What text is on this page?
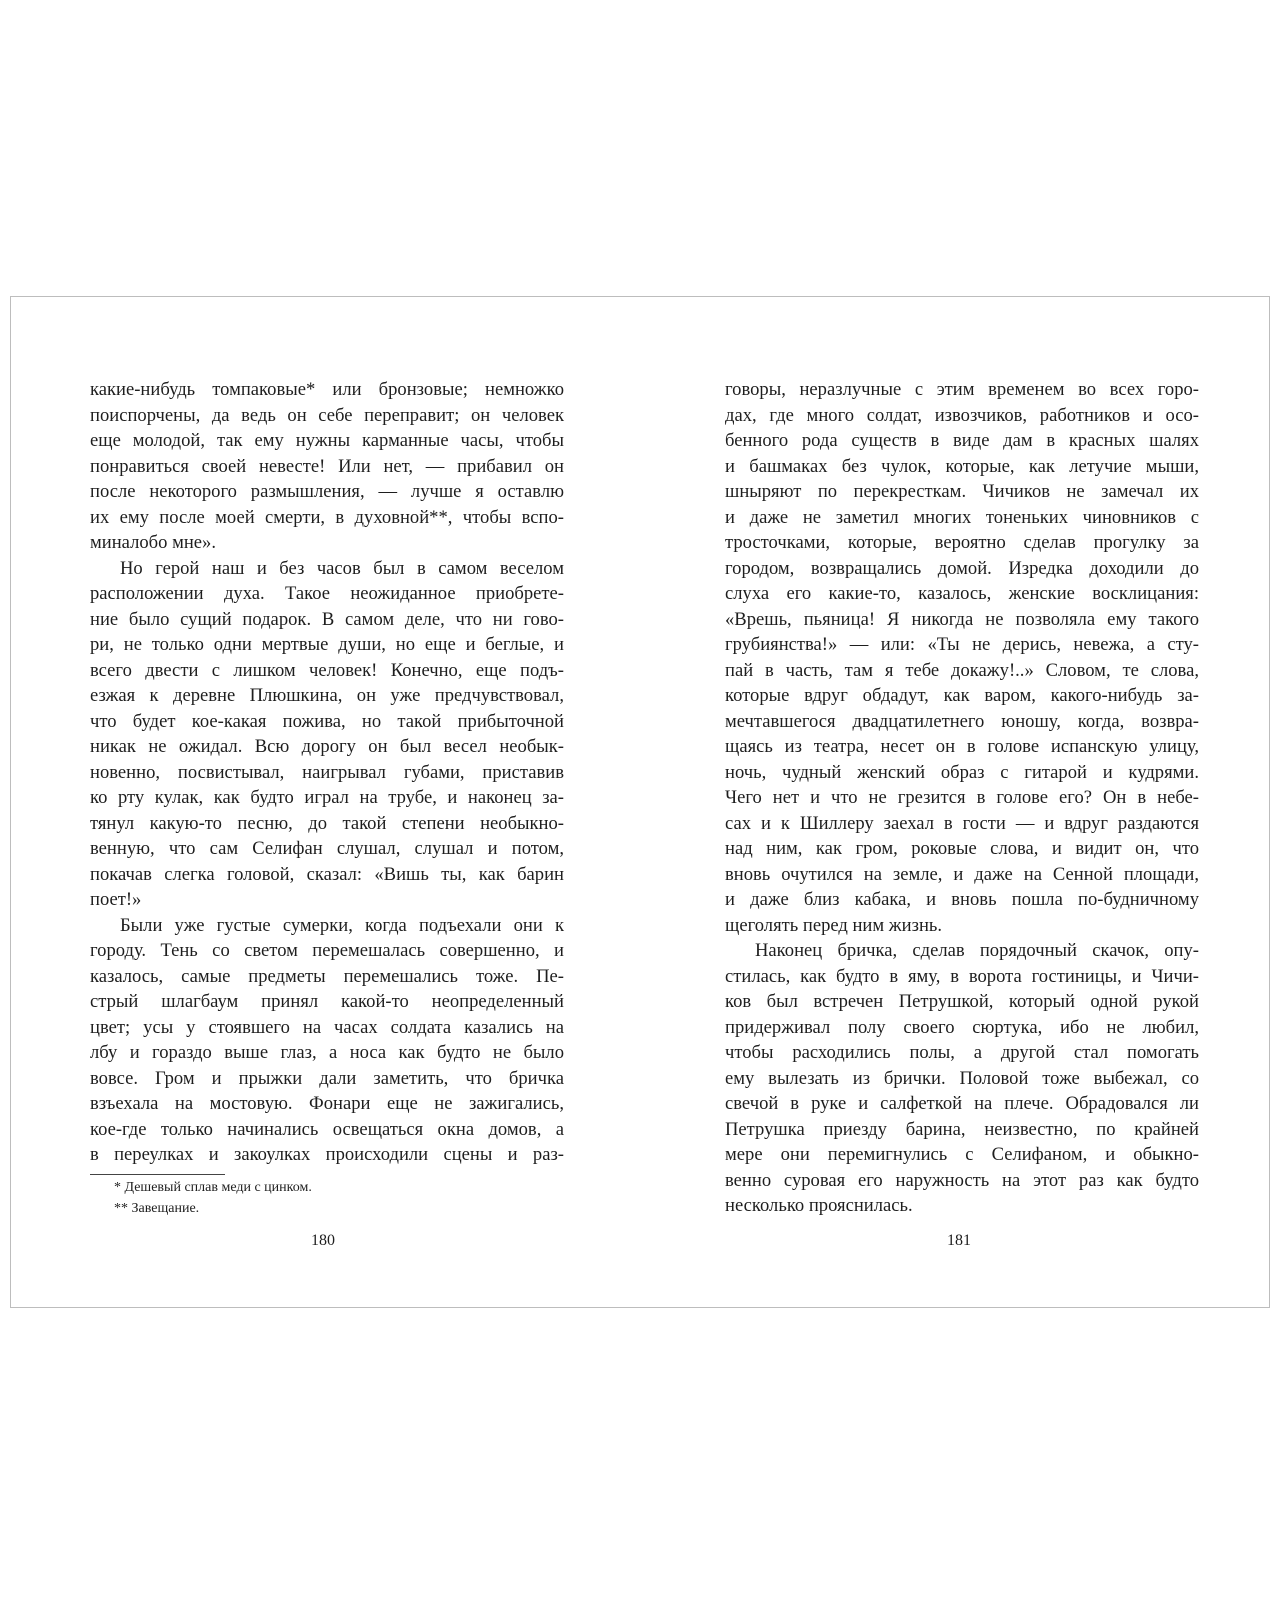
какие-нибудь томпаковые* или бронзовые; немножко
поиспорчены, да ведь он себе переправит; он человек
еще молодой, так ему нужны карманные часы, чтобы
понравиться своей невесте! Или нет, — прибавил он
после некоторого размышления, — лучше я оставлю
их ему после моей смерти, в духовной**, чтобы вспо-
миналобо мне».
Но герой наш и без часов был в самом веселом
расположении духа. Такое неожиданное приобрете-
ние было сущий подарок. В самом деле, что ни гово-
ри, не только одни мертвые души, но еще и беглые, и
всего двести с лишком человек! Конечно, еще подъ-
езжая к деревне Плюшкина, он уже предчувствовал,
что будет кое-какая пожива, но такой прибыточной
никак не ожидал. Всю дорогу он был весел необык-
новенно, посвистывал, наигрывал губами, приставив
ко рту кулак, как будто играл на трубе, и наконец за-
тянул какую-то песню, до такой степени необыкно-
венную, что сам Селифан слушал, слушал и потом,
покачав слегка головой, сказал: «Вишь ты, как барин
поет!»
Были уже густые сумерки, когда подъехали они к
городу. Тень со светом перемешалась совершенно, и
казалось, самые предметы перемешались тоже. Пе-
стрый шлагбаум принял какой-то неопределенный
цвет; усы у стоявшего на часах солдата казались на
лбу и гораздо выше глаз, а носа как будто не было
вовсе. Гром и прыжки дали заметить, что бричка
взъехала на мостовую. Фонари еще не зажигались,
кое-где только начинались освещаться окна домов, а
в переулках и закоулках происходили сцены и раз-
* Дешевый сплав меди с цинком.
** Завещание.
говоры, неразлучные с этим временем во всех горо-
дах, где много солдат, извозчиков, работников и осо-
бенного рода существ в виде дам в красных шалях
и башмаках без чулок, которые, как летучие мыши,
шныряют по перекресткам. Чичиков не замечал их
и даже не заметил многих тоненьких чиновников с
тросточками, которые, вероятно сделав прогулку за
городом, возвращались домой. Изредка доходили до
слуха его какие-то, казалось, женские восклицания:
«Врешь, пьяница! Я никогда не позволяла ему такого
грубиянства!» — или: «Ты не дерись, невежа, а сту-
пай в часть, там я тебе докажу!..» Словом, те слова,
которые вдруг обдадут, как варом, какого-нибудь за-
мечтавшегося двадцатилетнего юношу, когда, возвра-
щаясь из театра, несет он в голове испанскую улицу,
ночь, чудный женский образ с гитарой и кудрями.
Чего нет и что не грезится в голове его? Он в небе-
сах и к Шиллеру заехал в гости — и вдруг раздаются
над ним, как гром, роковые слова, и видит он, что
вновь очутился на земле, и даже на Сенной площади,
и даже близ кабака, и вновь пошла по-будничному
щеголять перед ним жизнь.
Наконец бричка, сделав порядочный скачок, опу-
стилась, как будто в яму, в ворота гостиницы, и Чичи-
ков был встречен Петрушкой, который одной рукой
придерживал полу своего сюртука, ибо не любил,
чтобы расходились полы, а другой стал помогать
ему вылезать из брички. Половой тоже выбежал, со
свечой в руке и салфеткой на плече. Обрадовался ли
Петрушка приезду барина, неизвестно, по крайней
мере они перемигнулись с Селифаном, и обыкно-
венно суровая его наружность на этот раз как будто
несколько прояснилась.
180	181
